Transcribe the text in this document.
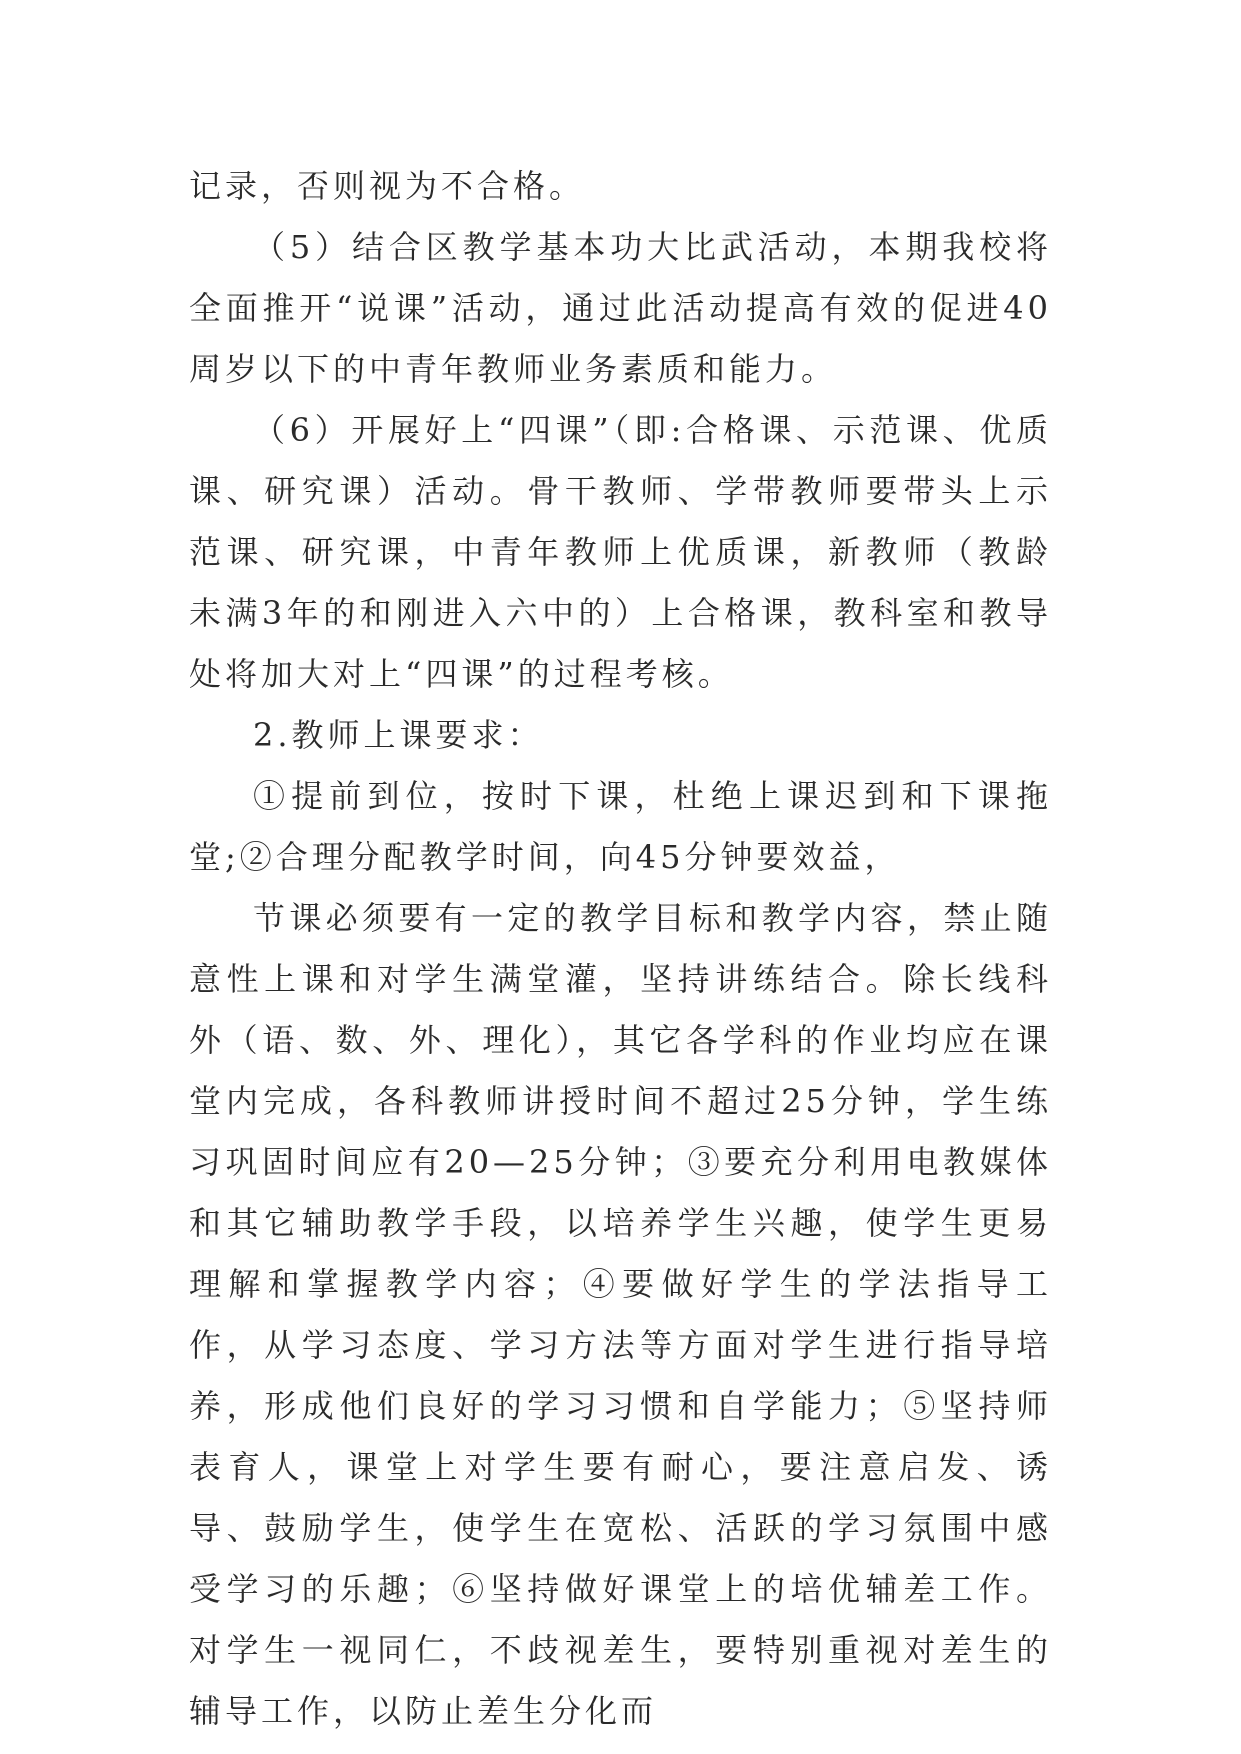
记录，否则视为不合格。

（5）结合区教学基本功大比武活动，本期我校将全面推开“说课”活动，通过此活动提高有效的促进40周岁以下的中青年教师业务素质和能力。

（6）开展好上“四课”（即:合格课、示范课、优质课、研究课）活动。骨干教师、学带教师要带头上示范课、研究课，中青年教师上优质课，新教师（教龄未满3年的和刚进入六中的）上合格课，教科室和教导处将加大对上“四课”的过程考核。

2.教师上课要求：

①提前到位，按时下课，杜绝上课迟到和下课拖堂;②合理分配教学时间，向45分钟要效益，

节课必须要有一定的教学目标和教学内容，禁止随意性上课和对学生满堂灌，坚持讲练结合。除长线科外（语、数、外、理化），其它各学科的作业均应在课堂内完成，各科教师讲授时间不超过25分钟，学生练习巩固时间应有20—25分钟；③要充分利用电教媒体和其它辅助教学手段，以培养学生兴趣，使学生更易理解和掌握教学内容；④要做好学生的学法指导工作，从学习态度、学习方法等方面对学生进行指导培养，形成他们良好的学习习惯和自学能力；⑤坚持师表育人，课堂上对学生要有耐心，要注意启发、诱导、鼓励学生，使学生在宽松、活跃的学习氛围中感受学习的乐趣；⑥坚持做好课堂上的培优辅差工作。对学生一视同仁，不歧视差生，要特别重视对差生的辅导工作，以防止差生分化而
